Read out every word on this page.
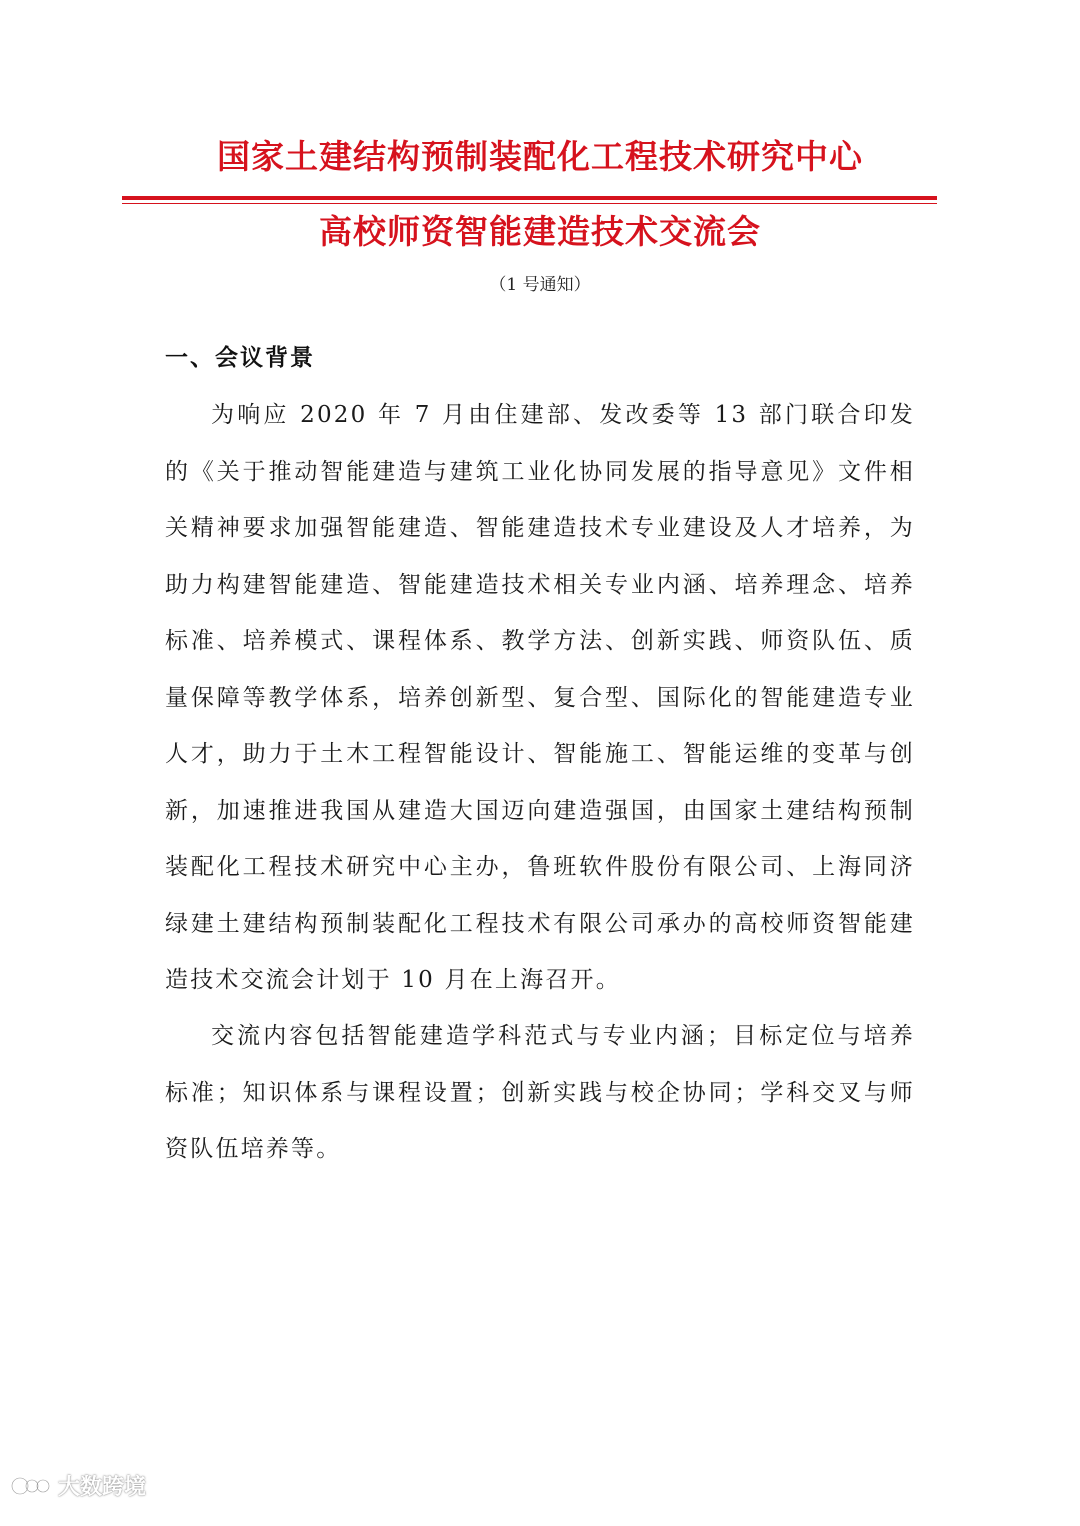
国家土建结构预制装配化工程技术研究中心
高校师资智能建造技术交流会
（1 号通知）
一、会议背景

为响应 2020 年 7 月由住建部、发改委等 13 部门联合印发的《关于推动智能建造与建筑工业化协同发展的指导意见》文件相关精神要求加强智能建造、智能建造技术专业建设及人才培养，为助力构建智能建造、智能建造技术相关专业内涵、培养理念、培养标准、培养模式、课程体系、教学方法、创新实践、师资队伍、质量保障等教学体系，培养创新型、复合型、国际化的智能建造专业人才，助力于土木工程智能设计、智能施工、智能运维的变革与创新，加速推进我国从建造大国迈向建造强国，由国家土建结构预制装配化工程技术研究中心主办，鲁班软件股份有限公司、上海同济绿建土建结构预制装配化工程技术有限公司承办的高校师资智能建造技术交流会计划于 10 月在上海召开。

交流内容包括智能建造学科范式与专业内涵；目标定位与培养标准；知识体系与课程设置；创新实践与校企协同；学科交叉与师资队伍培养等。

大数跨境
